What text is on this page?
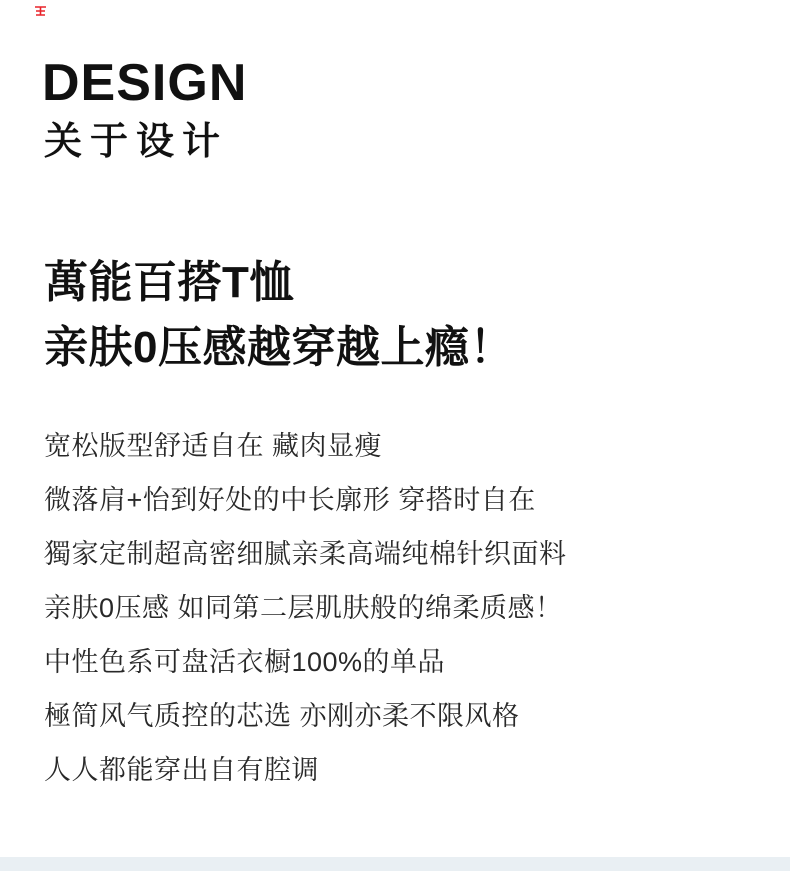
DESIGN
关于设计
萬能百搭T恤
亲肤0压感越穿越上瘾！
宽松版型舒适自在 藏肉显瘦
微落肩+怡到好处的中长廓形 穿搭时自在
獨家定制超高密细腻亲柔高端纯棉针织面料
亲肤0压感 如同第二层肌肤般的绵柔质感！
中性色系可盘活衣橱100%的单品
極简风气质控的芯选 亦刚亦柔不限风格
人人都能穿出自有腔调
